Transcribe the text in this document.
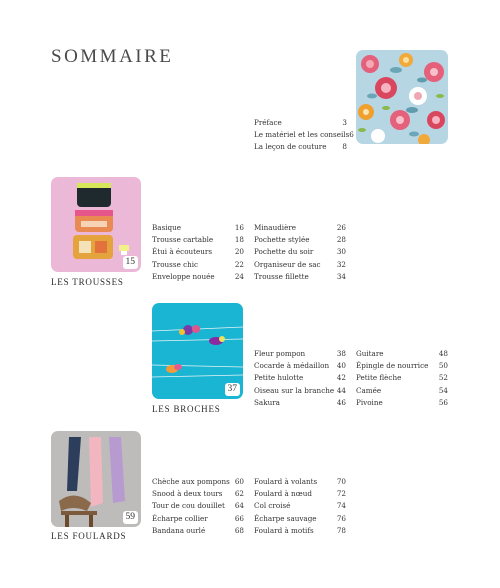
SOMMAIRE
Préface	3
Le matériel et les conseils 6
La leçon de couture 8
15
LES TROUSSES
Basique	16
Trousse cartable	18
Étui à écouteurs	20
Trousse chic	22
Enveloppe nouée	24
Minaudière	26
Pochette stylée	28
Pochette du soir	30
Organiseur de sac 32
Trousse fillette	34
37
LES BROCHES
Fleur pompon	38
Cocarde à médaillon 40
Petite hulotte	42
Oiseau sur la branche 44
Sakura	46
Guitare	48
Épingle de nourrice 50
Petite flèche	52
Camée	54
Pivoine	56
59
LES FOULARDS
Chèche aux pompons 60
Snood à deux tours 62
Tour de cou douillet 64
Écharpe collier	66
Bandana ourlé	68
Foulard à volants	70
Foulard à nœud	72
Col croisé	74
Écharpe sauvage	76
Foulard à motifs	78
